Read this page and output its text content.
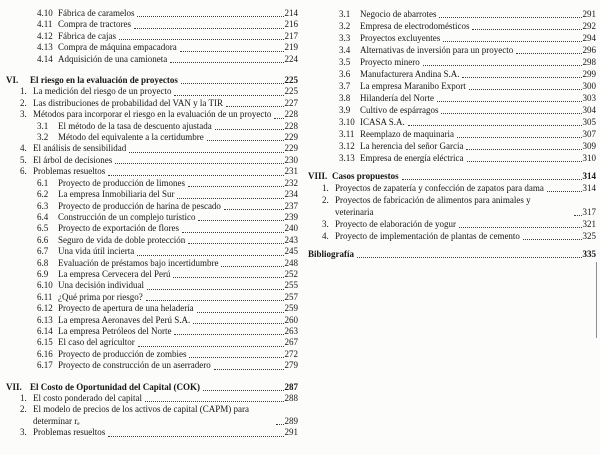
4.10 Fábrica de caramelos	214
4.11 Compra de tractores	216
4.12 Fábrica de cajas	217
4.13 Compra de máquina empacadora	219
4.14 Adquisición de una camioneta	224
VI. El riesgo en la evaluación de proyectos	225
1. La medición del riesgo de un proyecto	225
2. Las distribuciones de probabilidad del VAN y la TIR	227
3. Métodos para incorporar el riesgo en la evaluación de un proyecto 228
3.1 El método de la tasa de descuento ajustada	228
3.2 Método del equivalente a la certidumbre	229
4. El análisis de sensibilidad	229
5. El árbol de decisiones	230
6. Problemas resueltos	231
6.1 Proyecto de producción de limones	232
6.2 La empresa Inmobiliaria del Sur	234
6.3 Proyecto de producción de harina de pescado	237
6.4 Construcción de un complejo turístico	239
6.5 Proyecto de exportación de flores	240
6.6 Seguro de vida de doble protección	243
6.7 Una vida útil incierta	245
6.8 Evaluación de préstamos bajo incertidumbre	248
6.9 La empresa Cervecera del Perú	252
6.10 Una decisión individual	255
6.11 ¿Qué prima por riesgo?	257
6.12 Proyecto de apertura de una heladería	259
6.13 La empresa Aeronaves del Perú S.A.	260
6.14 La empresa Petróleos del Norte	263
6.15 El caso del agricultor	267
6.16 Proyecto de producción de zombies	272
6.17 Proyecto de construcción de un aserradero	279
VII. El Costo de Oportunidad del Capital (COK)	287
1. El costo ponderado del capital	288
2. El modelo de precios de los activos de capital (CAPM) para determinar rₑ	289
3. Problemas resueltos	291
3.1 Negocio de abarrotes	291
3.2 Empresa de electrodomésticos	292
3.3 Proyectos excluyentes	294
3.4 Alternativas de inversión para un proyecto	296
3.5 Proyecto minero	298
3.6 Manufacturera Andina S.A.	299
3.7 La empresa Maranibo Export	300
3.8 Hilandería del Norte	303
3.9 Cultivo de espárragos	304
3.10 ICASA S.A.	305
3.11 Reemplazo de maquinaria	307
3.12 La herencia del señor García	309
3.13 Empresa de energía eléctrica	310
VIII. Casos propuestos	314
1. Proyectos de zapatería y confección de zapatos para dama	314
2. Proyectos de fabricación de alimentos para animales y veterinaria	317
3. Proyecto de elaboración de yogur	321
4. Proyecto de implementación de plantas de cemento	325
Bibliografía	335
